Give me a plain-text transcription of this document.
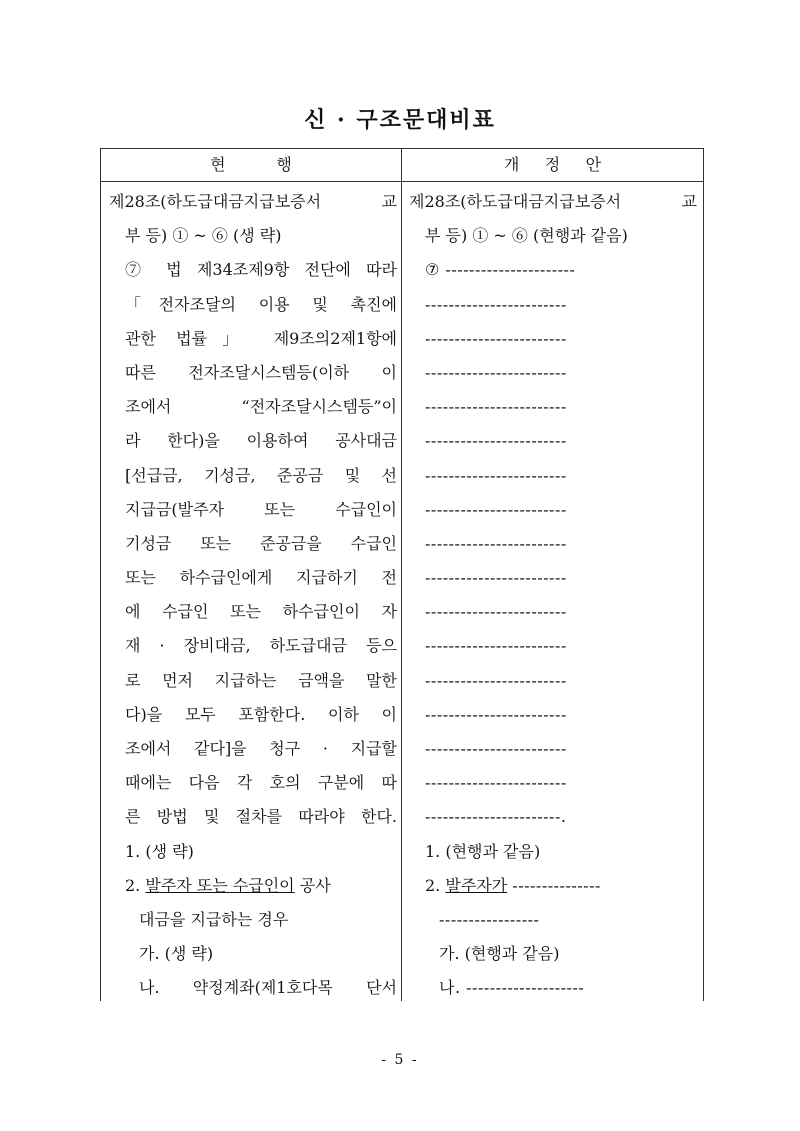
신 · 구조문대비표
현          행	개     정     안
제28조(하도급대금지급보증서 교
부 등) ① ~ ⑥ (생 략)
⑦ 법 제34조제9항 전단에 따라
「전자조달의 이용 및 촉진에
관한 법률」 제9조의2제1항에
따른 전자조달시스템등(이하 이
조에서 “전자조달시스템등”이
라 한다)을 이용하여 공사대금
[선급금, 기성금, 준공금 및 선
지급금(발주자 또는 수급인이
기성금 또는 준공금을 수급인
또는 하수급인에게 지급하기 전
에 수급인 또는 하수급인이 자
재 · 장비대금, 하도급대금 등으
로 먼저 지급하는 금액을 말한
다)을 모두 포함한다. 이하 이
조에서 같다]을 청구 · 지급할
때에는 다음 각 호의 구분에 따
른 방법 및 절차를 따라야 한다.
1. (생 략)
2. 발주자 또는 수급인이 공사
대금을 지급하는 경우
가. (생 략)
나. 약정계좌(제1호다목 단서
제28조(하도급대금지급보증서 교
부 등) ① ~ ⑥ (현행과 같음)
⑦ ----------------------
------------------------
------------------------
------------------------
------------------------
------------------------
------------------------
------------------------
------------------------
------------------------
------------------------
------------------------
------------------------
------------------------
------------------------
------------------------
-----------------------.
1. (현행과 같음)
2. 발주자가 ---------------
-----------------
가. (현행과 같음)
나. --------------------
- 5 -
